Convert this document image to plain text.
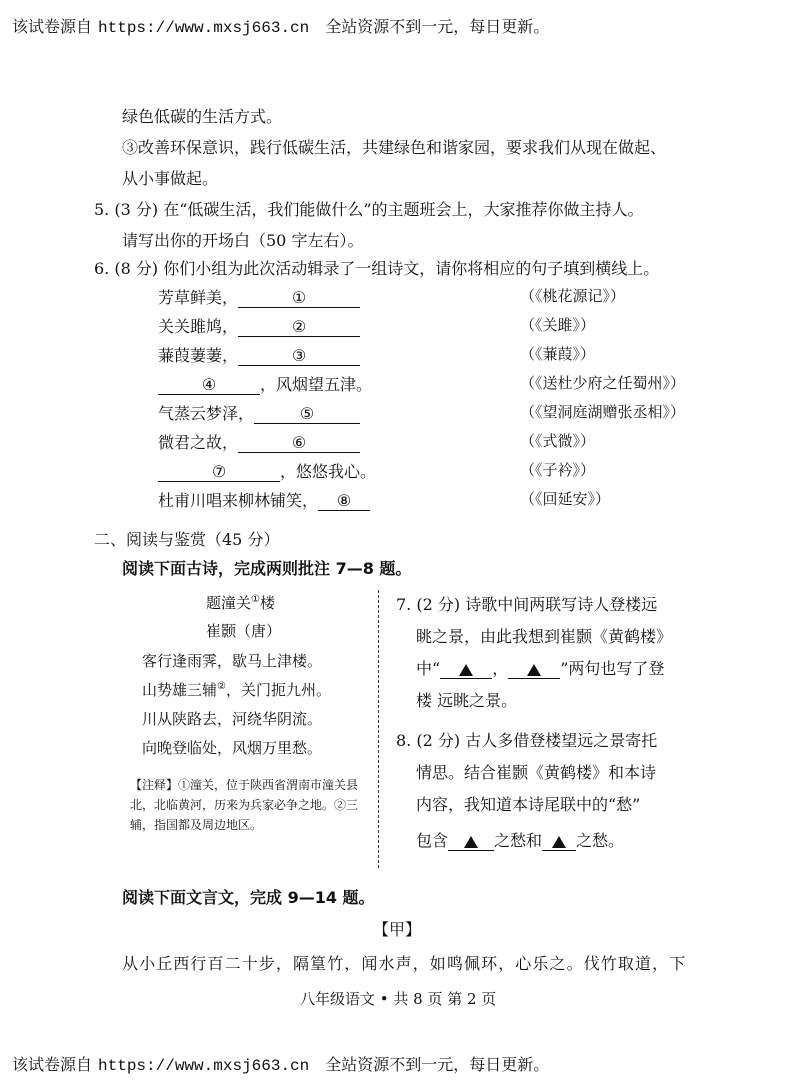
该试卷源自 https://www.mxsj663.cn 全站资源不到一元，每日更新。
绿色低碳的生活方式。
③改善环保意识，践行低碳生活，共建绿色和谐家园，要求我们从现在做起、
从小事做起。
5. (3 分) 在“低碳生活，我们能做什么”的主题班会上，大家推荐你做主持人。
请写出你的开场白（50 字左右）。
6. (8 分) 你们小组为此次活动辑录了一组诗文，请你将相应的句子填到横线上。
芳草鲜美，	①	（《桃花源记》）
关关雎鸠，	②	（《关雎》）
蒹葭萋萋，	③	（《蒹葭》）
④	，风烟望五津。	（《送杜少府之任蜀州》）
气蒸云梦泽，	⑤	（《望洞庭湖赠张丞相》）
微君之故，	⑥	（《式微》）
⑦	，悠悠我心。	（《子衿》）
杜甫川唱来柳林铺笑， ⑧	（《回延安》）
二、阅读与鉴赏（45 分）
阅读下面古诗，完成两则批注 7—8 题。
题潼关①楼
崔颢（唐）
客行逢雨霁，歇马上津楼。
山势雄三辅②，关门扼九州。
川从陕路去，河绕华阴流。
向晚登临处，风烟万里愁。
【注释】①潼关，位于陕西省渭南市潼关县北，北临黄河，历来为兵家必争之地。②三辅，指国都及周边地区。
7. (2 分) 诗歌中间两联写诗人登楼远
眺之景，由此我想到崔颢《黄鹤楼》
中“	，	”两句也写了登
楼 远眺之景。
8. (2 分) 古人多借登楼望远之景寄托
情思。结合崔颢《黄鹤楼》和本诗
内容，我知道本诗尾联中的“愁”
包含	之愁和 之愁。
阅读下面文言文，完成 9—14 题。
【甲】
从小丘西行百二十步，隔篁竹，闻水声，如鸣佩环，心乐之。伐竹取道，下
八年级语文 • 共 8 页 第 2 页
该试卷源自 https://www.mxsj663.cn 全站资源不到一元，每日更新。
